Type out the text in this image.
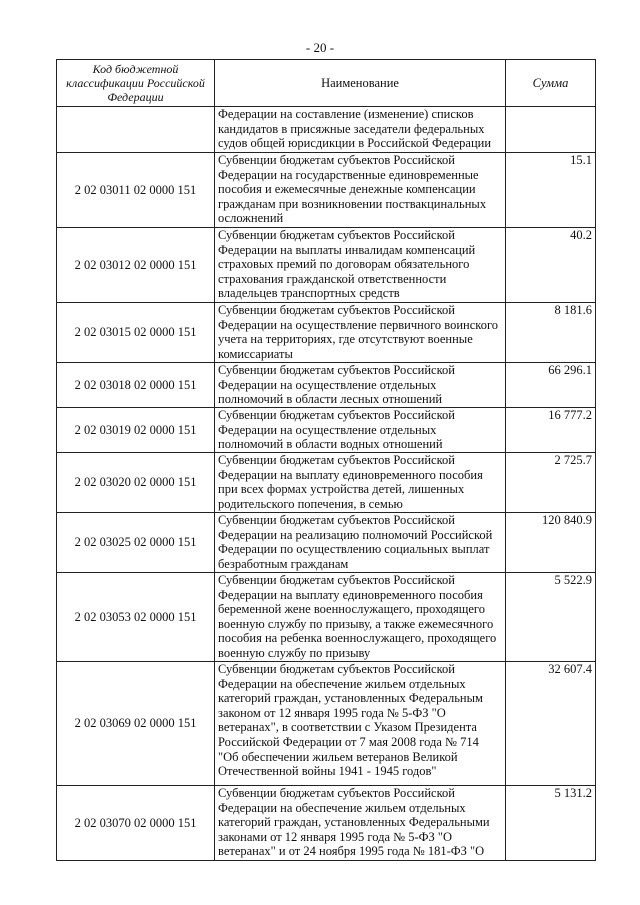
- 20 -
Код бюджетной классификации Российской Федерации	Наименование	Сумма
	Федерации на составление (изменение) списков кандидатов в присяжные заседатели федеральных судов общей юрисдикции в Российской Федерации	
2 02 03011 02 0000 151	Субвенции бюджетам субъектов Российской Федерации на государственные единовременные пособия и ежемесячные денежные компенсации гражданам при возникновении поствакцинальных осложнений	15.1
2 02 03012 02 0000 151	Субвенции бюджетам субъектов Российской Федерации на выплаты инвалидам компенсаций страховых премий по договорам обязательного страхования гражданской ответственности владельцев транспортных средств	40.2
2 02 03015 02 0000 151	Субвенции бюджетам субъектов Российской Федерации на осуществление первичного воинского учета на территориях, где отсутствуют военные комиссариаты	8 181.6
2 02 03018 02 0000 151	Субвенции бюджетам субъектов Российской Федерации на осуществление отдельных полномочий в области лесных отношений	66 296.1
2 02 03019 02 0000 151	Субвенции бюджетам субъектов Российской Федерации на осуществление отдельных полномочий в области водных отношений	16 777.2
2 02 03020 02 0000 151	Субвенции бюджетам субъектов Российской Федерации на выплату единовременного пособия при всех формах устройства детей, лишенных родительского попечения, в семью	2 725.7
2 02 03025 02 0000 151	Субвенции бюджетам субъектов Российской Федерации на реализацию полномочий Российской Федерации по осуществлению социальных выплат безработным гражданам	120 840.9
2 02 03053 02 0000 151	Субвенции бюджетам субъектов Российской Федерации на выплату единовременного пособия беременной жене военнослужащего, проходящего военную службу по призыву, а также ежемесячного пособия на ребенка военнослужащего, проходящего военную службу по призыву	5 522.9
2 02 03069 02 0000 151	Субвенции бюджетам субъектов Российской Федерации на обеспечение жильем отдельных категорий граждан, установленных Федеральным законом от 12 января 1995 года № 5-ФЗ "О ветеранах", в соответствии с Указом Президента Российской Федерации от 7 мая 2008 года № 714 "Об обеспечении жильем ветеранов Великой Отечественной войны 1941 - 1945 годов"	32 607.4
2 02 03070 02 0000 151	Субвенции бюджетам субъектов Российской Федерации на обеспечение жильем отдельных категорий граждан, установленных Федеральными законами от 12 января 1995 года № 5-ФЗ "О ветеранах" и от 24 ноября 1995 года № 181-ФЗ "О	5 131.2
